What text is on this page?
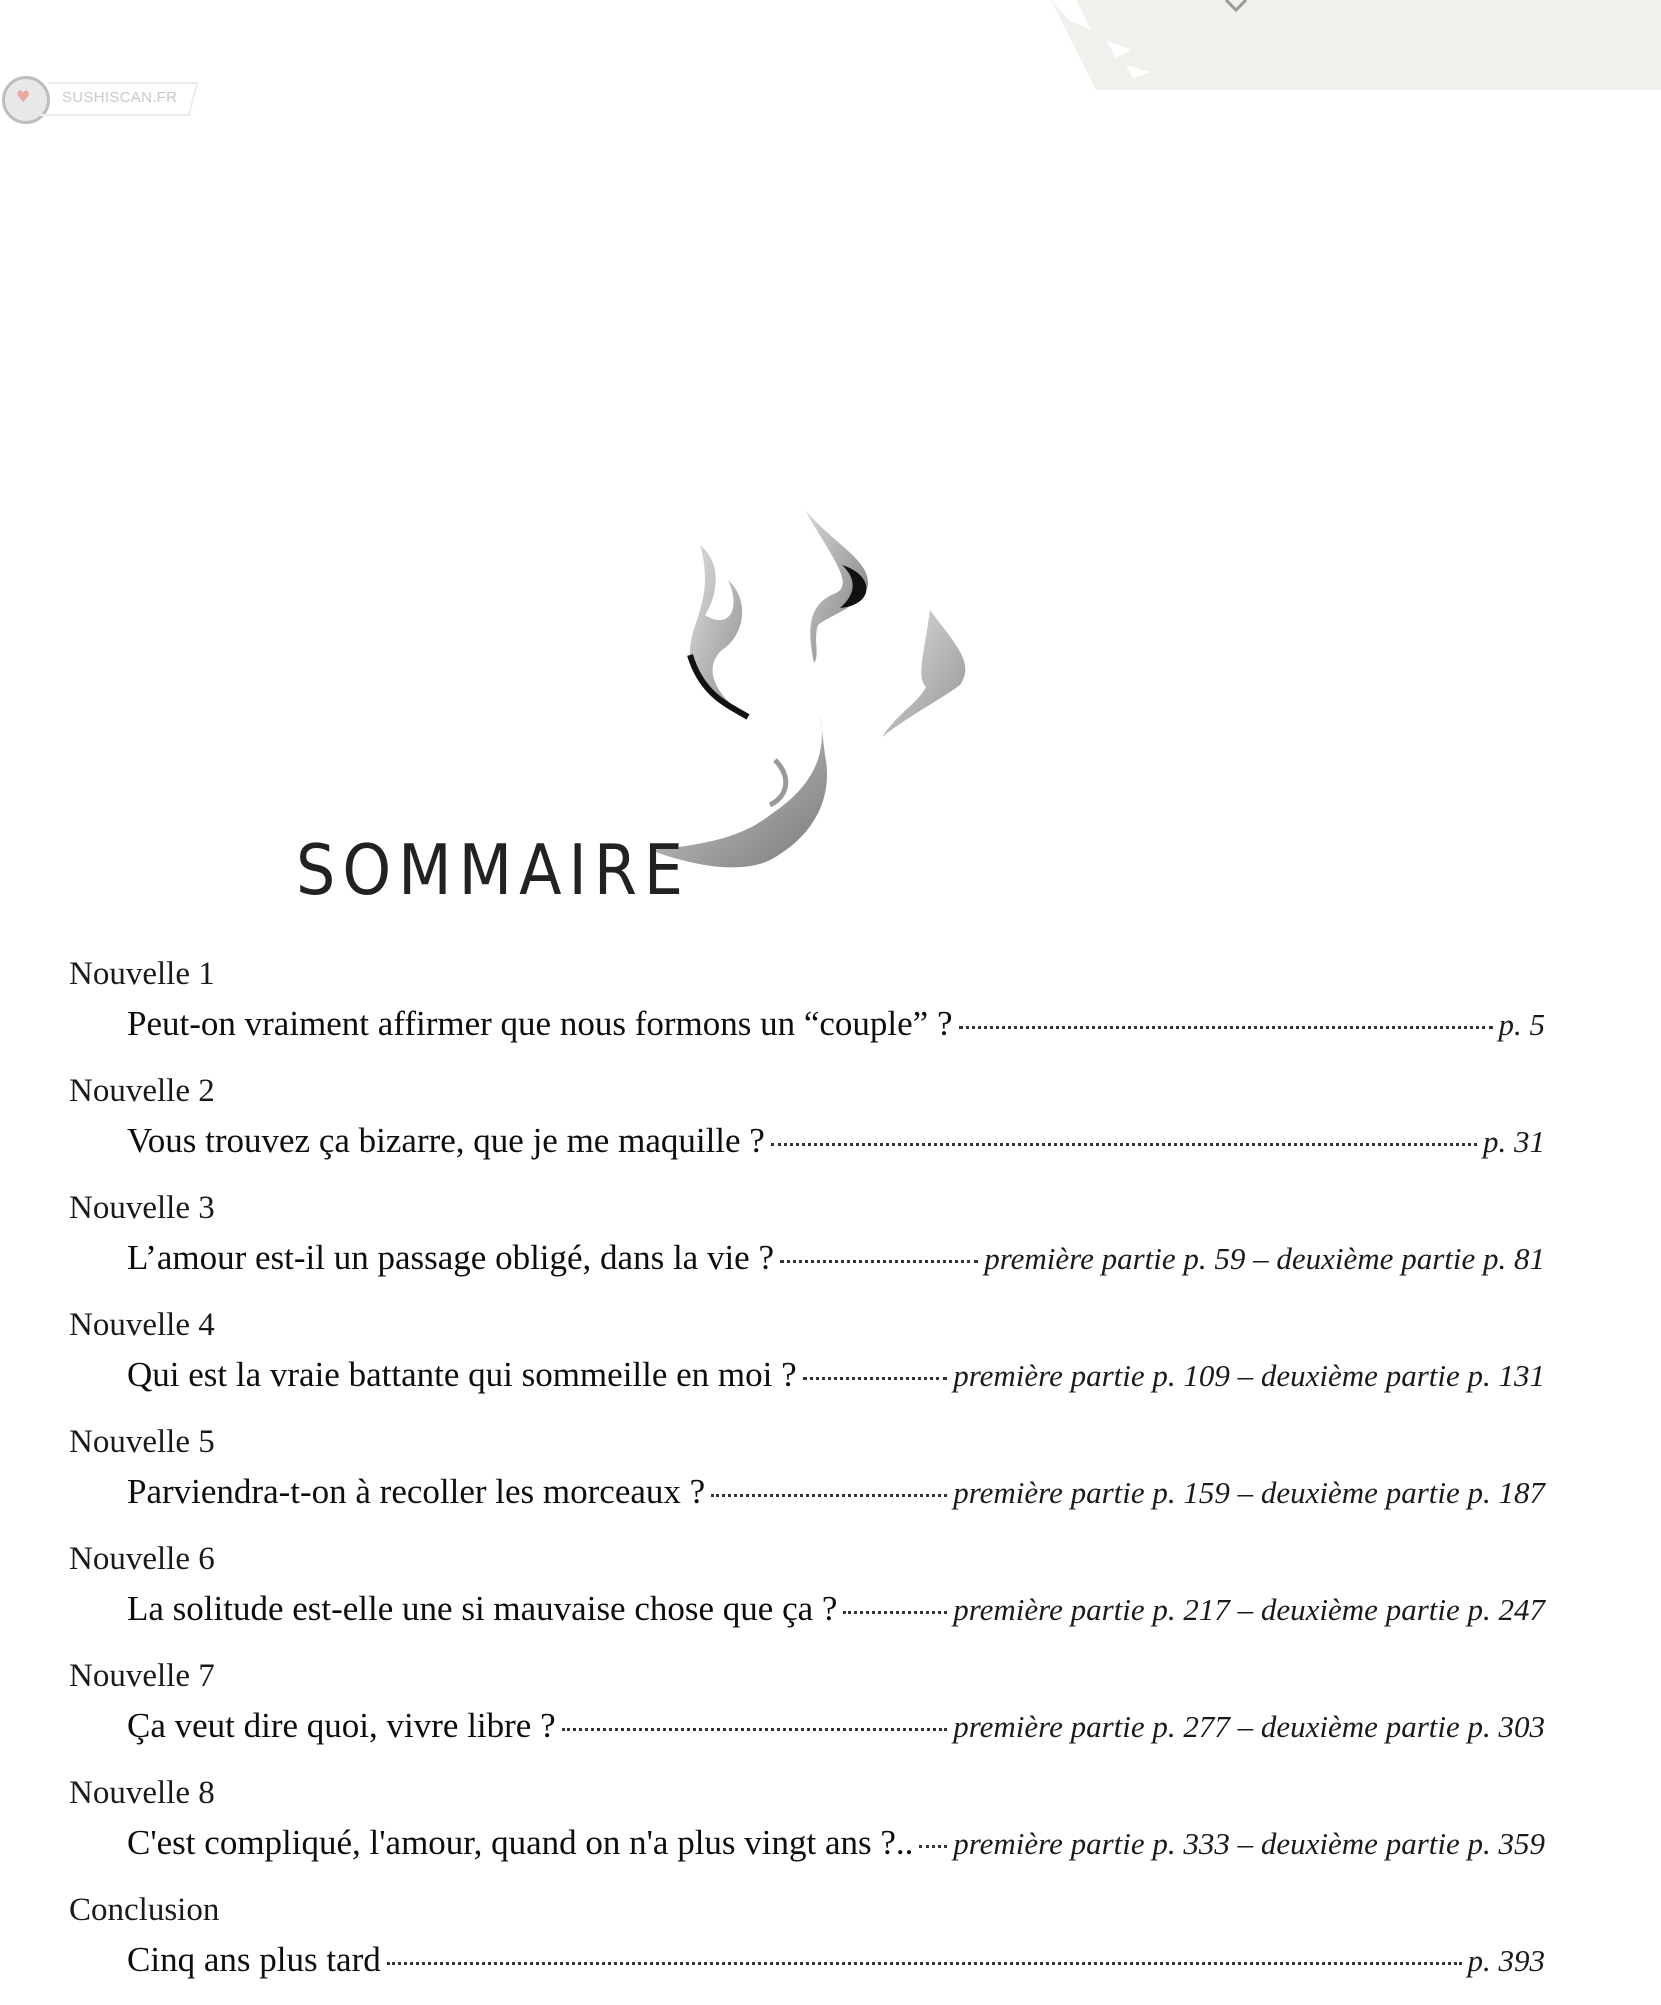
♥ SUSHISCAN.FR
SOMMAIRE
Nouvelle 1
Peut-on vraiment affirmer que nous formons un “couple” ?	p. 5
Nouvelle 2
Vous trouvez ça bizarre, que je me maquille ?	p. 31
Nouvelle 3
L’amour est-il un passage obligé, dans la vie ?	première partie p. 59 – deuxième partie p. 81
Nouvelle 4
Qui est la vraie battante qui sommeille en moi ?	première partie p. 109 – deuxième partie p. 131
Nouvelle 5
Parviendra-t-on à recoller les morceaux ?	première partie p. 159 – deuxième partie p. 187
Nouvelle 6
La solitude est-elle une si mauvaise chose que ça ?	première partie p. 217 – deuxième partie p. 247
Nouvelle 7
Ça veut dire quoi, vivre libre ?	première partie p. 277 – deuxième partie p. 303
Nouvelle 8
C'est compliqué, l'amour, quand on n'a plus vingt ans ?.. première partie p. 333 – deuxième partie p. 359
Conclusion
Cinq ans plus tard	p. 393
